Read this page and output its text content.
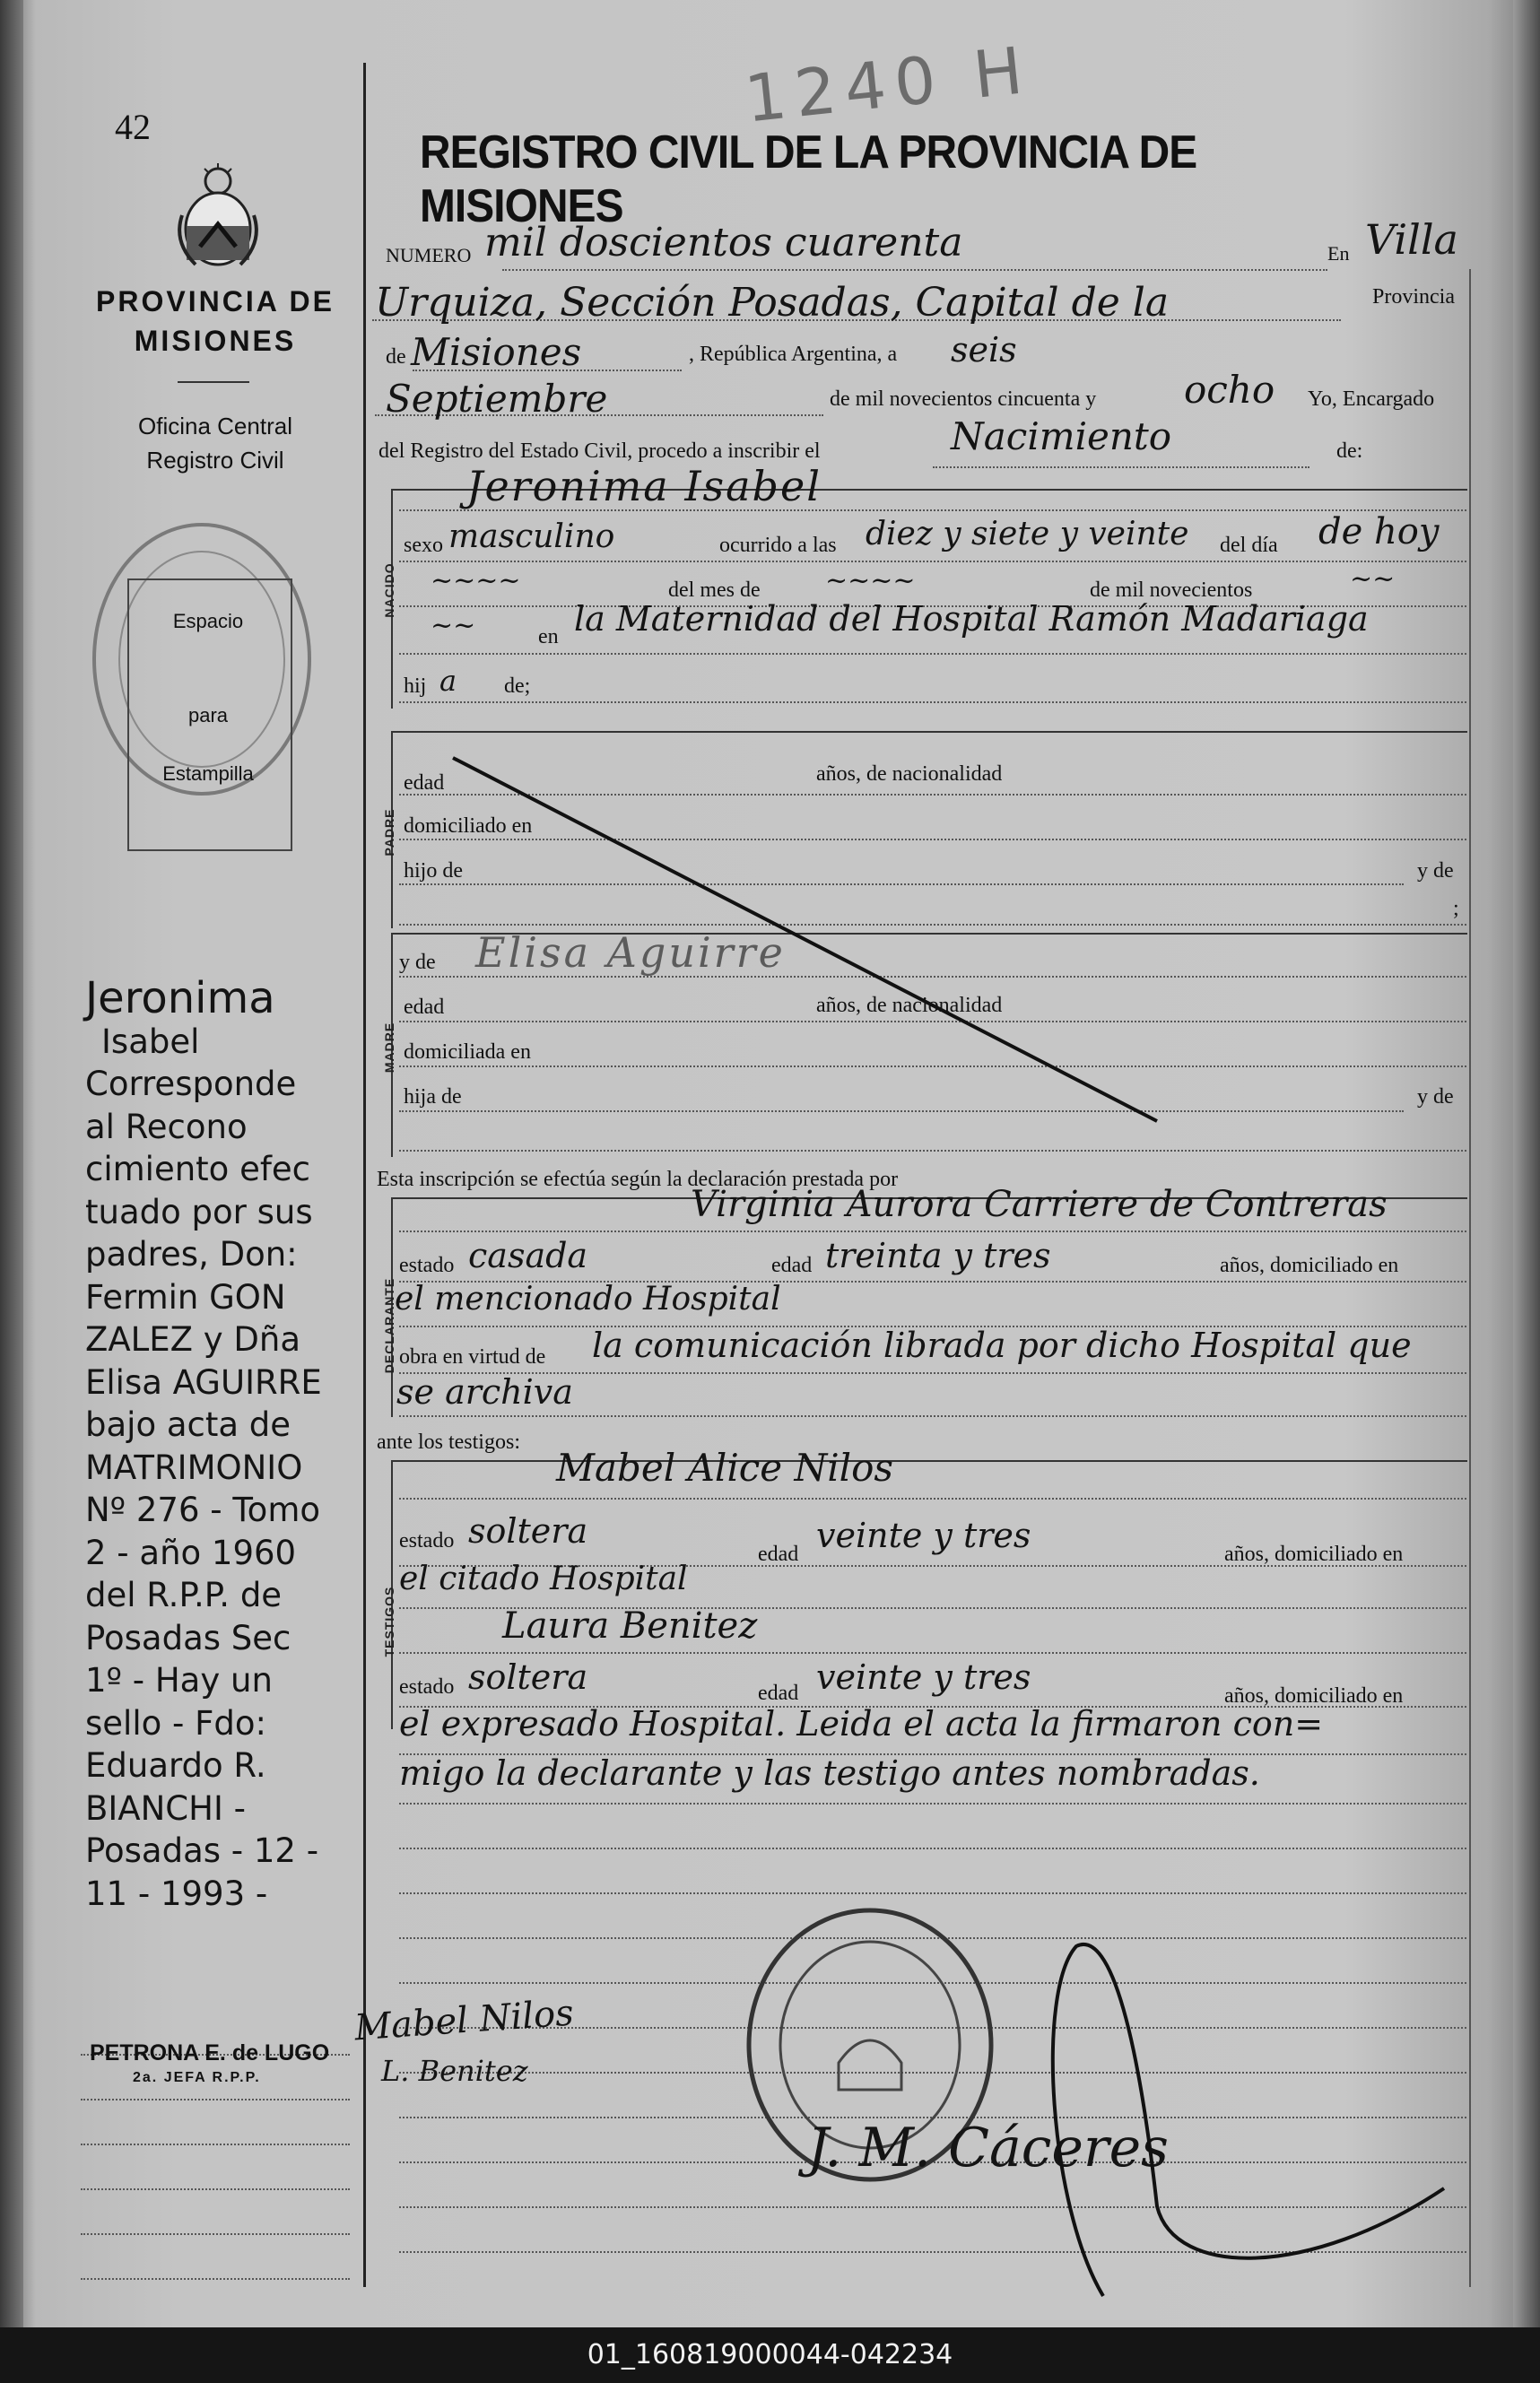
42	1240 H
PROVINCIA DE
MISIONES
Oficina Central
Registro Civil
Espacio
para
Estampilla
REGISTRO CIVIL DE LA PROVINCIA DE MISIONES
NUMERO mil doscientos cuarenta	En Villa
Urquiza, Sección Posadas, Capital de la	Provincia
de Misiones	, República Argentina, a seis
Septiembre	de mil novecientos cincuenta y ocho Yo, Encargado
del Registro del Estado Civil, procedo a inscribir el	Nacimiento	de:
NACIDO
Jeronima Isabel
sexo masculino	ocurrido a las diez y siete y veinte del día de hoy
~~~~	del mes de ~~~~	de mil novecientos	~~
~~	en la Maternidad del Hospital Ramón Madariaga
hij a de;
PADRE
edad	años, de nacionalidad
domiciliado en
hijo de	y de
;
MADRE
y de Elisa Aguirre
edad	años, de nacionalidad
domiciliada en
hija de	y de
Esta inscripción se efectúa según la declaración prestada por
DECLARANTE
Virginia Aurora Carriere de Contreras
estado casada	edad treinta y tres	años, domiciliado en
el mencionado Hospital
obra en virtud de la comunicación librada por dicho Hospital que
se archiva
ante los testigos:
TESTIGOS
Mabel Alice Nilos
estado soltera
edad veinte y tres	años, domiciliado en
el citado Hospital
Laura Benitez
estado soltera	edad veinte y tres	años, domiciliado en
el expresado Hospital. Leida el acta la firmaron con=
migo la declarante y las testigo antes nombradas.
Jeronima
Isabel
Corresponde
al Recono
cimiento efec
tuado por sus
padres, Don:
Fermin GON
ZALEZ y Dña
Elisa AGUIRRE
bajo acta de
MATRIMONIO
Nº 276 - Tomo
2 - año 1960
del R.P.P. de
Posadas Sec
1º - Hay un
sello - Fdo:
Eduardo R.
BIANCHI -
Posadas - 12 -
11 - 1993 -
PETRONA E. de LUGO
2a. JEFA R.P.P.
Mabel Nilos
L. Benitez
J. M. Cáceres
01_160819000044-042234
